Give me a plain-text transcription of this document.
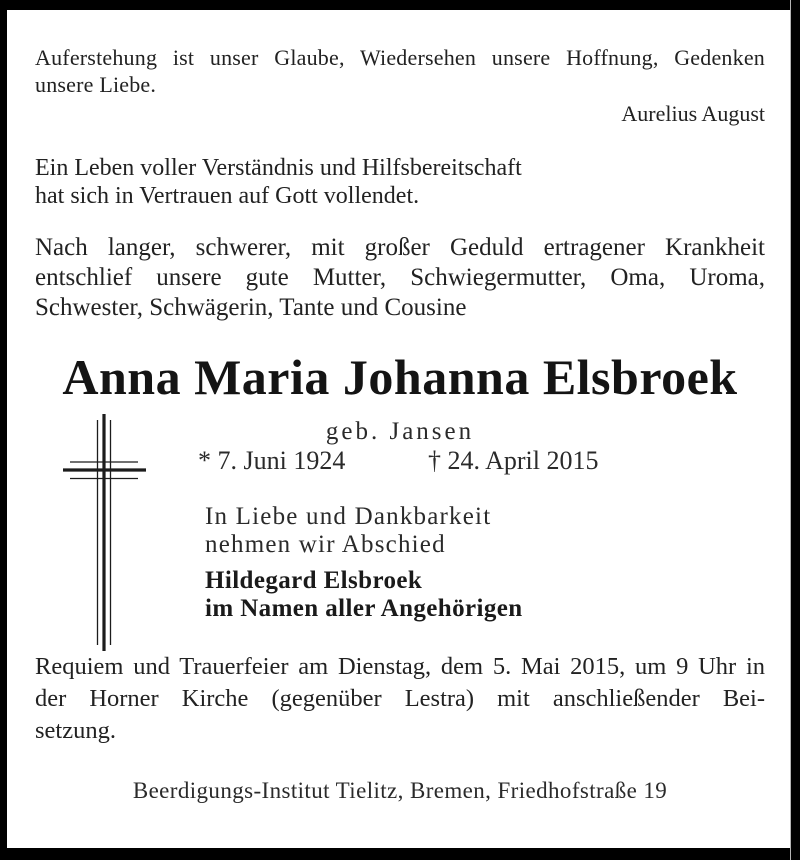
Auferstehung ist unser Glaube, Wiedersehen unsere Hoffnung, Gedenken
unsere Liebe.
Aurelius August
Ein Leben voller Verständnis und Hilfsbereitschaft
hat sich in Vertrauen auf Gott vollendet.
Nach langer, schwerer, mit großer Geduld ertragener Krankheit
entschlief unsere gute Mutter, Schwiegermutter, Oma, Uroma,
Schwester, Schwägerin, Tante und Cousine
Anna Maria Johanna Elsbroek
geb. Jansen
* 7. Juni 1924	† 24. April 2015
In Liebe und Dankbarkeit
nehmen wir Abschied
Hildegard Elsbroek
im Namen aller Angehörigen
Requiem und Trauerfeier am Dienstag, dem 5. Mai 2015, um 9 Uhr in
der Horner Kirche (gegenüber Lestra) mit anschließender Bei-
setzung.
Beerdigungs-Institut Tielitz, Bremen, Friedhofstraße 19
